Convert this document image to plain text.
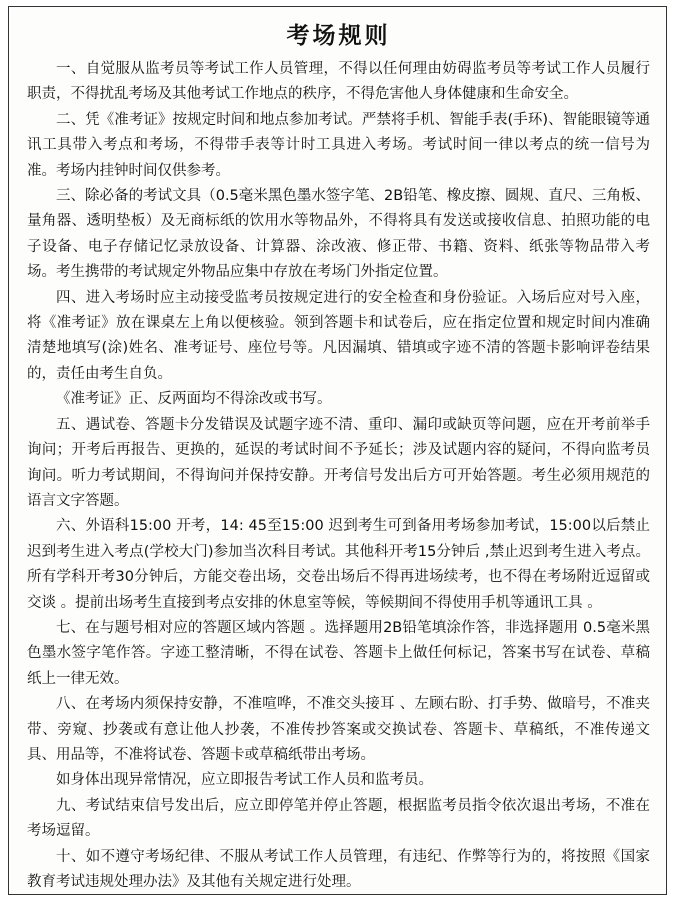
考场规则

一、自觉服从监考员等考试工作人员管理，不得以任何理由妨碍监考员等考试工作人员履行职责，不得扰乱考场及其他考试工作地点的秩序，不得危害他人身体健康和生命安全。

二、凭《准考证》按规定时间和地点参加考试。严禁将手机、智能手表(手环)、智能眼镜等通讯工具带入考点和考场，不得带手表等计时工具进入考场。考试时间一律以考点的统一信号为准。考场内挂钟时间仅供参考。

三、除必备的考试文具（0.5毫米黑色墨水签字笔、2B铅笔、橡皮擦、圆规、直尺、三角板、量角器、透明垫板）及无商标纸的饮用水等物品外，不得将具有发送或接收信息、拍照功能的电子设备、电子存储记忆录放设备、计算器、涂改液、修正带、书籍、资料、纸张等物品带入考场。考生携带的考试规定外物品应集中存放在考场门外指定位置。

四、进入考场时应主动接受监考员按规定进行的安全检查和身份验证。入场后应对号入座，将《准考证》放在课桌左上角以便核验。领到答题卡和试卷后，应在指定位置和规定时间内准确清楚地填写(涂)姓名、准考证号、座位号等。凡因漏填、错填或字迹不清的答题卡影响评卷结果的，责任由考生自负。

《准考证》正、反两面均不得涂改或书写。

五、遇试卷、答题卡分发错误及试题字迹不清、重印、漏印或缺页等问题，应在开考前举手询问；开考后再报告、更换的，延误的考试时间不予延长；涉及试题内容的疑问，不得向监考员询问。听力考试期间，不得询问并保持安静。开考信号发出后方可开始答题。考生必须用规范的语言文字答题。

六、外语科15:00 开考，14: 45至15:00 迟到考生可到备用考场参加考试，15:00以后禁止迟到考生进入考点(学校大门)参加当次科目考试。其他科开考15分钟后 ,禁止迟到考生进入考点。所有学科开考30分钟后，方能交卷出场，交卷出场后不得再进场续考，也不得在考场附近逗留或交谈 。提前出场考生直接到考点安排的休息室等候，等候期间不得使用手机等通讯工具 。

七、在与题号相对应的答题区域内答题 。选择题用2B铅笔填涂作答，非选择题用 0.5毫米黑色墨水签字笔作答。字迹工整清晰，不得在试卷、答题卡上做任何标记，答案书写在试卷、草稿纸上一律无效。

八、在考场内须保持安静，不准喧哗，不准交头接耳 、左顾右盼、打手势、做暗号，不准夹带、旁窥、抄袭或有意让他人抄袭，不准传抄答案或交换试卷、答题卡、草稿纸，不准传递文具、用品等，不准将试卷、答题卡或草稿纸带出考场。

如身体出现异常情况，应立即报告考试工作人员和监考员。

九、考试结束信号发出后，应立即停笔并停止答题，根据监考员指令依次退出考场，不准在考场逗留。

十、如不遵守考场纪律、不服从考试工作人员管理，有违纪、作弊等行为的，将按照《国家教育考试违规处理办法》及其他有关规定进行处理。
